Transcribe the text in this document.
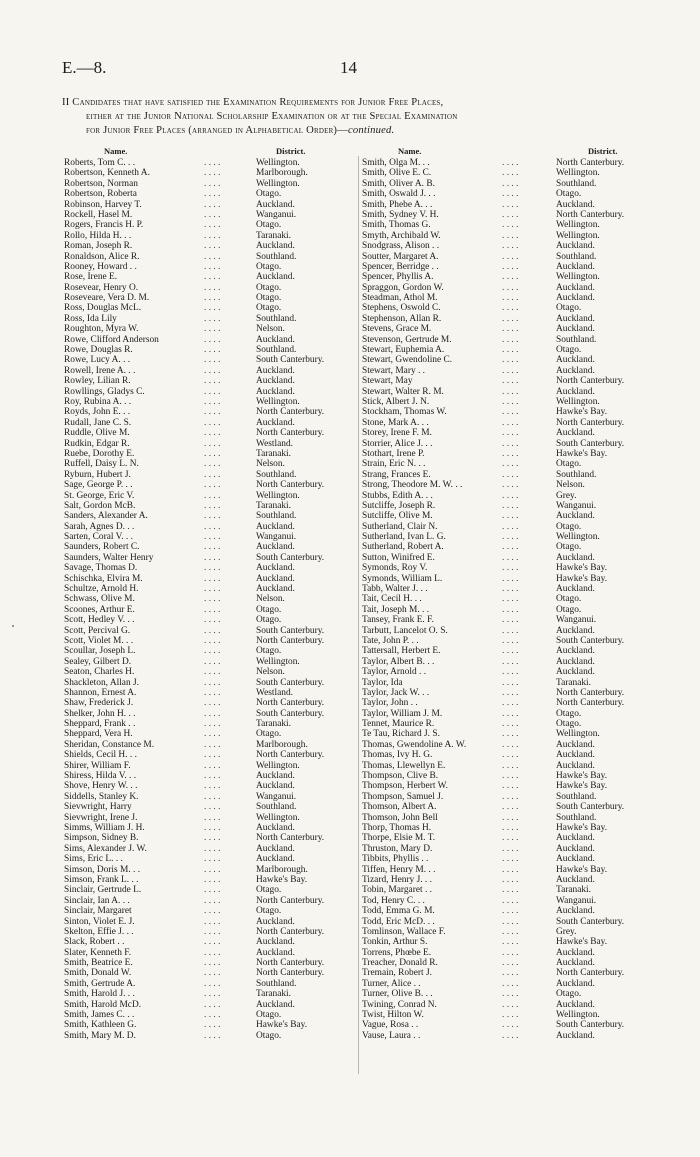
E.—8.	14
II Candidates that have satisfied the Examination Requirements for Junior Free Places,
either at the Junior National Scholarship Examination or at the Special Examination
for Junior Free Places (arranged in Alphabetical Order)—continued.
Name.	District.
Roberts, Tom C. . .	. . . .	Wellington.
Robertson, Kenneth A.	. . . .	Marlborough.
Robertson, Norman	. . . .	Wellington.
Robertson, Roberta	. . . .	Otago.
Robinson, Harvey T.	. . . .	Auckland.
Rockell, Hasel M.	. . . .	Wanganui.
Rogers, Francis H. P.	. . . .	Otago.
Rollo, Hilda H. . .	. . . .	Taranaki.
Roman, Joseph R.	. . . .	Auckland.
Ronaldson, Alice R.	. . . .	Southland.
Rooney, Howard . .	. . . .	Otago.
Rose, Irene E.	. . . .	Auckland.
Rosevear, Henry O.	. . . .	Otago.
Roseveare, Vera D. M.	. . . .	Otago.
Ross, Douglas McL.	. . . .	Otago.
Ross, Ida Lily	. . . .	Southland.
Roughton, Myra W.	. . . .	Nelson.
Rowe, Clifford Anderson	. . . .	Auckland.
Rowe, Douglas R.	. . . .	Southland.
Rowe, Lucy A. . .	. . . .	South Canterbury.
Rowell, Irene A. . .	. . . .	Auckland.
Rowley, Lilian R.	. . . .	Auckland.
Rowllings, Gladys C.	. . . .	Auckland.
Roy, Rubina A. . .	. . . .	Wellington.
Royds, John E. . .	. . . .	North Canterbury.
Rudall, Jane C. S.	. . . .	Auckland.
Ruddle, Olive M.	. . . .	North Canterbury.
Rudkin, Edgar R.	. . . .	Westland.
Ruebe, Dorothy E.	. . . .	Taranaki.
Ruffell, Daisy L. N.	. . . .	Nelson.
Ryburn, Hubert J.	. . . .	Southland.
Sage, George P. . .	. . . .	North Canterbury.
St. George, Eric V.	. . . .	Wellington.
Salt, Gordon McB.	. . . .	Taranaki.
Sanders, Alexander A.	. . . .	Southland.
Sarah, Agnes D. . .	. . . .	Auckland.
Sarten, Coral V. . .	. . . .	Wanganui.
Saunders, Robert C.	. . . .	Auckland.
Saunders, Walter Henry	. . . .	South Canterbury.
Savage, Thomas D.	. . . .	Auckland.
Schischka, Elvira M.	. . . .	Auckland.
Schultze, Arnold H.	. . . .	Auckland.
Schwass, Olive M.	. . . .	Nelson.
Scoones, Arthur E.	. . . .	Otago.
Scott, Hedley V. . .	. . . .	Otago.
Scott, Percival G.	. . . .	South Canterbury.
Scott, Violet M. . .	. . . .	North Canterbury.
Scoullar, Joseph L.	. . . .	Otago.
Sealey, Gilbert D.	. . . .	Wellington.
Seaton, Charles H.	. . . .	Nelson.
Shackleton, Allan J.	. . . .	South Canterbury.
Shannon, Ernest A.	. . . .	Westland.
Shaw, Frederick J.	. . . .	North Canterbury.
Shelker, John H. . .	. . . .	South Canterbury.
Sheppard, Frank . .	. . . .	Taranaki.
Sheppard, Vera H.	. . . .	Otago.
Sheridan, Constance M.	. . . .	Marlborough.
Shields, Cecil H. . .	. . . .	North Canterbury.
Shirer, William F.	. . . .	Wellington.
Shiress, Hilda V. . .	. . . .	Auckland.
Shove, Henry W. . .	. . . .	Auckland.
Siddells, Stanley K.	. . . .	Wanganui.
Sievwright, Harry	. . . .	Southland.
Sievwright, Irene J.	. . . .	Wellington.
Simms, William J. H.	. . . .	Auckland.
Simpson, Sidney B.	. . . .	North Canterbury.
Sims, Alexander J. W.	. . . .	Auckland.
Sims, Eric L. . .	. . . .	Auckland.
Simson, Doris M. . .	. . . .	Marlborough.
Simson, Frank L. . .	. . . .	Hawke's Bay.
Sinclair, Gertrude L.	. . . .	Otago.
Sinclair, Ian A. . .	. . . .	North Canterbury.
Sinclair, Margaret	. . . .	Otago.
Sinton, Violet E. J.	. . . .	Auckland.
Skelton, Effie J. . .	. . . .	North Canterbury.
Slack, Robert . .	. . . .	Auckland.
Slater, Kenneth F.	. . . .	Auckland.
Smith, Beatrice E.	. . . .	North Canterbury.
Smith, Donald W.	. . . .	North Canterbury.
Smith, Gertrude A.	. . . .	Southland.
Smith, Harold J. . .	. . . .	Taranaki.
Smith, Harold McD.	. . . .	Auckland.
Smith, James C. . .	. . . .	Otago.
Smith, Kathleen G.	. . . .	Hawke's Bay.
Smith, Mary M. D.	. . . .	Otago.
Name.	District.
Smith, Olga M. . .	. . . .	North Canterbury.
Smith, Olive E. C.	. . . .	Wellington.
Smith, Oliver A. B.	. . . .	Southland.
Smith, Oswald J. . .	. . . .	Otago.
Smith, Phebe A. . .	. . . .	Auckland.
Smith, Sydney V. H.	. . . .	North Canterbury.
Smith, Thomas G.	. . . .	Wellington.
Smyth, Archibald W.	. . . .	Wellington.
Snodgrass, Alison . .	. . . .	Auckland.
Soutter, Margaret A.	. . . .	Southland.
Spencer, Berridge . .	. . . .	Auckland.
Spencer, Phyllis A.	. . . .	Wellington.
Spraggon, Gordon W.	. . . .	Auckland.
Steadman, Athol M.	. . . .	Auckland.
Stephens, Oswold C.	. . . .	Otago.
Stephenson, Allan R.	. . . .	Auckland.
Stevens, Grace M.	. . . .	Auckland.
Stevenson, Gertrude M.	. . . .	Southland.
Stewart, Euphemia A.	. . . .	Otago.
Stewart, Gwendoline C.	. . . .	Auckland.
Stewart, Mary . .	. . . .	Auckland.
Stewart, May	. . . .	North Canterbury.
Stewart, Walter R. M.	. . . .	Auckland.
Stick, Albert J. N.	. . . .	Wellington.
Stockham, Thomas W.	. . . .	Hawke's Bay.
Stone, Mark A. . .	. . . .	North Canterbury.
Storey, Irene F. M.	. . . .	Auckland.
Storrier, Alice J. . .	. . . .	South Canterbury.
Stothart, Irene P.	. . . .	Hawke's Bay.
Strain, Eric N. . .	. . . .	Otago.
Strang, Frances E.	. . . .	Southland.
Strong, Theodore M. W. . .	. . . .	Nelson.
Stubbs, Edith A. . .	. . . .	Grey.
Sutcliffe, Joseph R.	. . . .	Wanganui.
Sutcliffe, Olive M.	. . . .	Auckland.
Sutherland, Clair N.	. . . .	Otago.
Sutherland, Ivan L. G.	. . . .	Wellington.
Sutherland, Robert A.	. . . .	Otago.
Sutton, Winifred E.	. . . .	Auckland.
Symonds, Roy V.	. . . .	Hawke's Bay.
Symonds, William L.	. . . .	Hawke's Bay.
Tabb, Walter J. . .	. . . .	Auckland.
Tait, Cecil H. . .	. . . .	Otago.
Tait, Joseph M. . .	. . . .	Otago.
Tansey, Frank E. F.	. . . .	Wanganui.
Tarbutt, Lancelot O. S.	. . . .	Auckland.
Tate, John P. . .	. . . .	South Canterbury.
Tattersall, Herbert E.	. . . .	Auckland.
Taylor, Albert B. . .	. . . .	Auckland.
Taylor, Arnold . .	. . . .	Auckland.
Taylor, Ida	. . . .	Taranaki.
Taylor, Jack W. . .	. . . .	North Canterbury.
Taylor, John . .	. . . .	North Canterbury.
Taylor, William J. M.	. . . .	Otago.
Tennet, Maurice R.	. . . .	Otago.
Te Tau, Richard J. S.	. . . .	Wellington.
Thomas, Gwendoline A. W.	. . . .	Auckland.
Thomas, Ivy H. G.	. . . .	Auckland.
Thomas, Llewellyn E.	. . . .	Auckland.
Thompson, Clive B.	. . . .	Hawke's Bay.
Thompson, Herbert W.	. . . .	Hawke's Bay.
Thompson, Samuel J.	. . . .	Southland.
Thomson, Albert A.	. . . .	South Canterbury.
Thomson, John Bell	. . . .	Southland.
Thorp, Thomas H.	. . . .	Hawke's Bay.
Thorpe, Elsie M. T.	. . . .	Auckland.
Thruston, Mary D.	. . . .	Auckland.
Tibbits, Phyllis . .	. . . .	Auckland.
Tiffen, Henry M. . .	. . . .	Hawke's Bay.
Tizard, Henry J. . .	. . . .	Auckland.
Tobin, Margaret . .	. . . .	Taranaki.
Tod, Henry C. . .	. . . .	Wanganui.
Todd, Emma G. M.	. . . .	Auckland.
Todd, Eric McD. . .	. . . .	South Canterbury.
Tomlinson, Wallace F.	. . . .	Grey.
Tonkin, Arthur S.	. . . .	Hawke's Bay.
Torrens, Phœbe E.	. . . .	Auckland.
Treacher, Donald R.	. . . .	Auckland.
Tremain, Robert J.	. . . .	North Canterbury.
Turner, Alice . .	. . . .	Auckland.
Turner, Olive B. . .	. . . .	Otago.
Twining, Conrad N.	. . . .	Auckland.
Twist, Hilton W.	. . . .	Wellington.
Vague, Rosa . .	. . . .	South Canterbury.
Vause, Laura . .	. . . .	Auckland.
